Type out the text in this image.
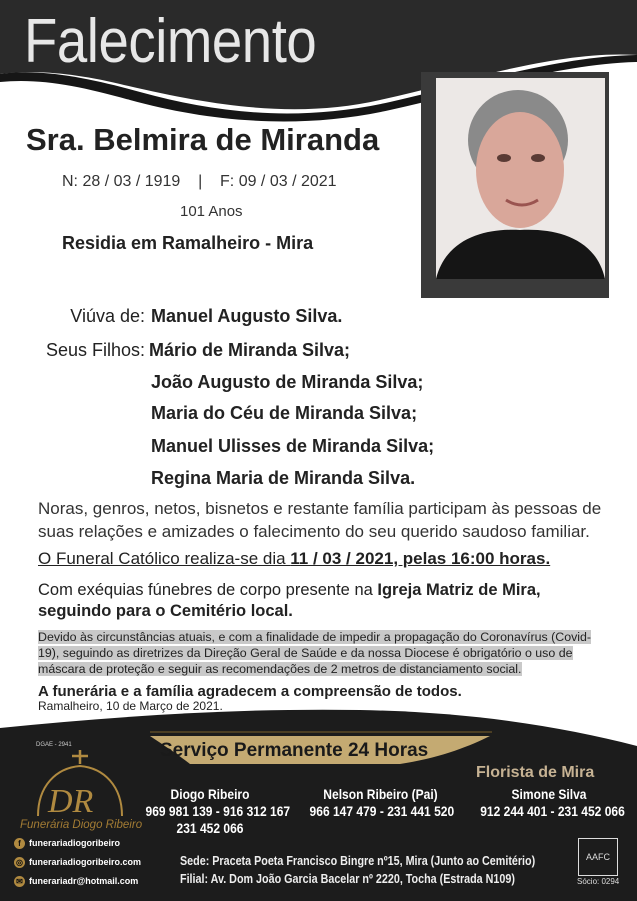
Falecimento
Sra. Belmira de Miranda
N: 28 / 03 / 1919    |    F: 09 / 03 / 2021
101 Anos
Residia em Ramalheiro - Mira
Viúva de: Manuel Augusto Silva.
Seus Filhos: Mário de Miranda Silva;
João Augusto de Miranda Silva;
Maria do Céu de Miranda Silva;
Manuel Ulisses de Miranda Silva;
Regina Maria de Miranda Silva.
Noras, genros, netos, bisnetos e restante família participam às pessoas de suas relações e amizades o falecimento do seu querido saudoso familiar.
O Funeral Católico realiza-se dia 11 / 03 / 2021, pelas 16:00 horas.
Com exéquias fúnebres de corpo presente na Igreja Matriz de Mira, seguindo para o Cemitério local.
Devido às circunstâncias atuais, e com a finalidade de impedir a propagação do Coronavírus (Covid-19), seguindo as diretrizes da Direção Geral de Saúde e da nossa Diocese é obrigatório o uso de máscara de proteção e seguir as recomendações de 2 metros de distanciamento social.
A funerária e a família agradecem a compreensão de todos.
Ramalheiro, 10 de Março de 2021.
DGAE - 2941	Serviço Permanente 24 Horas
DR
Funerária Diogo Ribeiro
Diogo Ribeiro
969 981 139 - 916 312 167
231 452 066
Nelson Ribeiro (Pai)
966 147 479 - 231 441 520
Florista de Mira
Simone Silva
912 244 401 - 231 452 066
f funerariadiogoribeiro
◎ funerariadiogoribeiro.com
✉ funerariadr@hotmail.com
Sede: Praceta Poeta Francisco Bingre nº15, Mira (Junto ao Cemitério)
Filial: Av. Dom João Garcia Bacelar nº 2220, Tocha (Estrada N109)
AAFC
Sócio: 0294
